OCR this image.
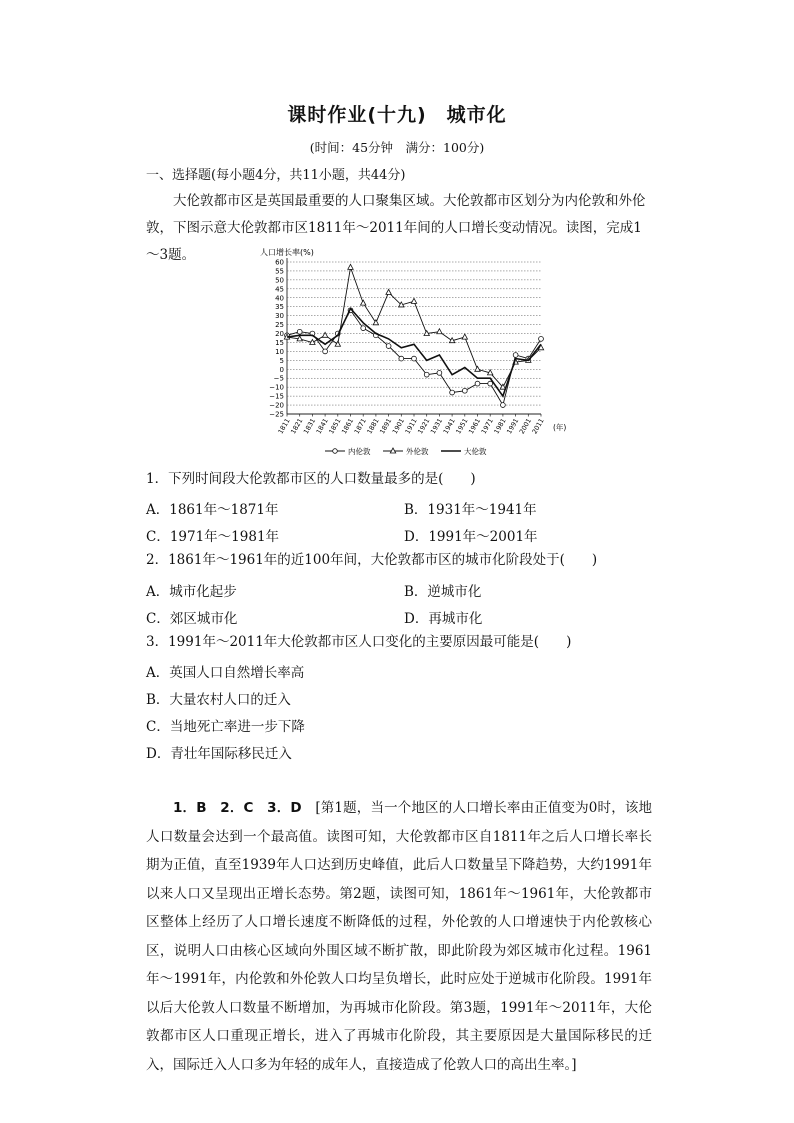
课时作业(十九)　城市化
(时间：45分钟　满分：100分)
一、选择题(每小题4分，共11小题，共44分)
大伦敦都市区是英国最重要的人口聚集区域。大伦敦都市区划分为内伦敦和外伦敦，下图示意大伦敦都市区1811年～2011年间的人口增长变动情况。读图，完成1～3题。	人口增长率(%)
60
55
50
45
40
35
30
25
20
15
10
5
0
−5
−10
−15
−20
−25
1811
1821
1831
1841
1851
1861
1871
1881
1891
1901
1911
1921
1931
1941
1951
1961
1971
1981
1991
2001
2011 (年)
内伦敦	外伦敦	大伦敦
1．下列时间段大伦敦都市区的人口数量最多的是(　　)
A．1861年～1871年	B．1931年～1941年
C．1971年～1981年	D．1991年～2001年
2．1861年～1961年的近100年间，大伦敦都市区的城市化阶段处于(　　)
A．城市化起步	B．逆城市化
C．郊区城市化	D．再城市化
3．1991年～2011年大伦敦都市区人口变化的主要原因最可能是(　　)
A．英国人口自然增长率高
B．大量农村人口的迁入
C．当地死亡率进一步下降
D．青壮年国际移民迁入
1．B　2．C　3．D　 [第1题，当一个地区的人口增长率由正值变为0时，该地人口数量会达到一个最高值。读图可知，大伦敦都市区自1811年之后人口增长率长期为正值，直至1939年人口达到历史峰值，此后人口数量呈下降趋势，大约1991年以来人口又呈现出正增长态势。第2题，读图可知，1861年～1961年，大伦敦都市区整体上经历了人口增长速度不断降低的过程，外伦敦的人口增速快于内伦敦核心区，说明人口由核心区域向外围区域不断扩散，即此阶段为郊区城市化过程。1961年～1991年，内伦敦和外伦敦人口均呈负增长，此时应处于逆城市化阶段。1991年以后大伦敦人口数量不断增加，为再城市化阶段。第3题，1991年～2011年，大伦敦都市区人口重现正增长，进入了再城市化阶段，其主要原因是大量国际移民的迁入，国际迁入人口多为年轻的成年人，直接造成了伦敦人口的高出生率。]
